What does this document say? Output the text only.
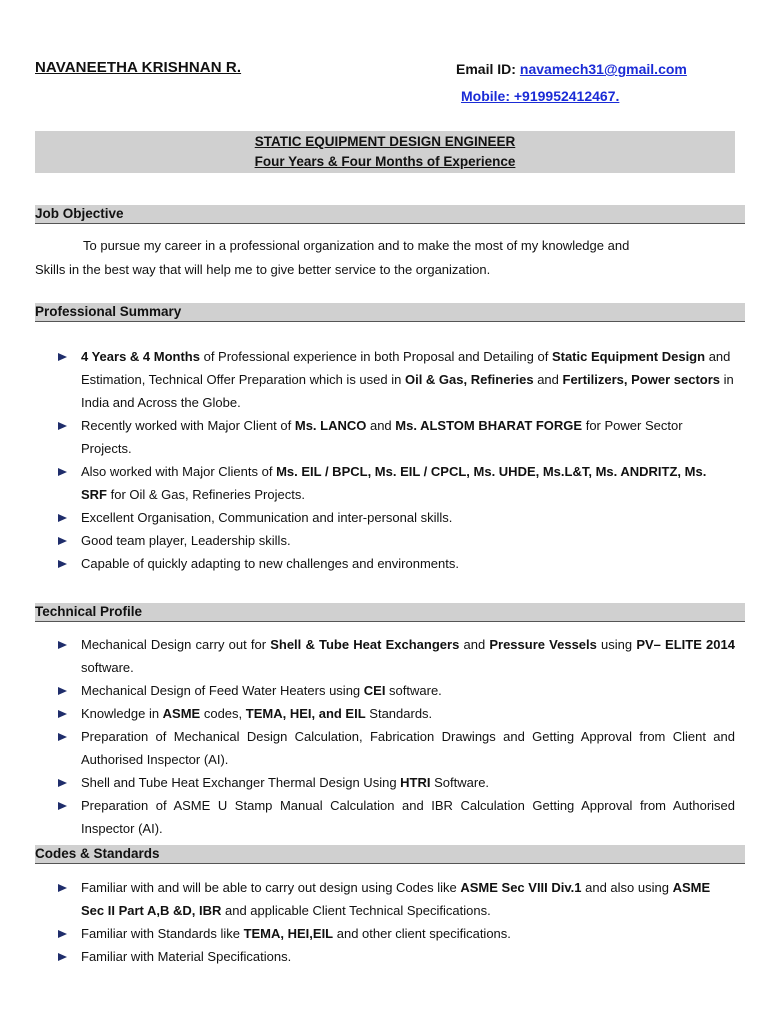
NAVANEETHA KRISHNAN R.	Email ID: navamech31@gmail.com
Mobile: +919952412467.
STATIC EQUIPMENT DESIGN ENGINEER
Four Years & Four Months of Experience
Job Objective
To pursue my career in a professional organization and to make the most of my knowledge and
Skills in the best way that will help me to give better service to the organization.
Professional Summary
4 Years & 4 Months of Professional experience in both Proposal and Detailing of Static Equipment Design and Estimation, Technical Offer Preparation which is used in Oil & Gas, Refineries and Fertilizers, Power sectors in India and Across the Globe.
Recently worked with Major Client of Ms. LANCO and Ms. ALSTOM BHARAT FORGE for Power Sector Projects.
Also worked with Major Clients of Ms. EIL / BPCL, Ms. EIL / CPCL, Ms. UHDE, Ms.L&T, Ms. ANDRITZ, Ms. SRF for Oil & Gas, Refineries Projects.
Excellent Organisation, Communication and inter-personal skills.
Good team player, Leadership skills.
Capable of quickly adapting to new challenges and environments.
Technical Profile
Mechanical Design carry out for Shell & Tube Heat Exchangers and Pressure Vessels using PV– ELITE 2014 software.
Mechanical Design of Feed Water Heaters using CEI software.
Knowledge in ASME codes, TEMA, HEI, and EIL Standards.
Preparation of Mechanical Design Calculation, Fabrication Drawings and Getting Approval from Client and Authorised Inspector (AI).
Shell and Tube Heat Exchanger Thermal Design Using HTRI Software.
Preparation of ASME U Stamp Manual Calculation and IBR Calculation Getting Approval from Authorised Inspector (AI).
Codes & Standards
Familiar with and will be able to carry out design using Codes like ASME Sec VIII Div.1 and also using ASME Sec II Part A,B &D, IBR and applicable Client Technical Specifications.
Familiar with Standards like TEMA, HEI,EIL and other client specifications.
Familiar with Material Specifications.
